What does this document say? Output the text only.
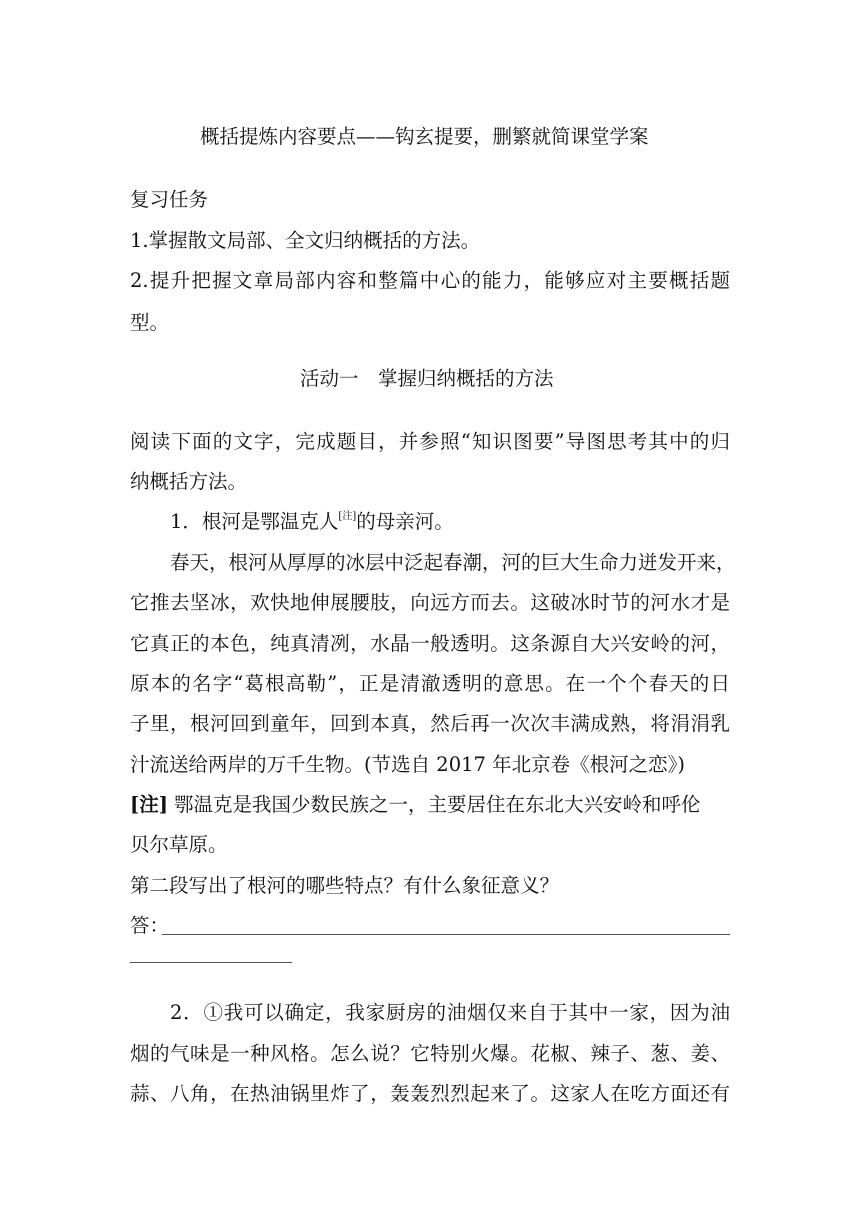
概括提炼内容要点——钩玄提要，删繁就简课堂学案
复习任务
1.掌握散文局部、全文归纳概括的方法。
2.提升把握文章局部内容和整篇中心的能力，能够应对主要概括题
型。
活动一　掌握归纳概括的方法
阅读下面的文字，完成题目，并参照“知识图要”导图思考其中的归
纳概括方法。
1．根河是鄂温克人[注]的母亲河。
春天，根河从厚厚的冰层中泛起春潮，河的巨大生命力迸发开来，
它推去坚冰，欢快地伸展腰肢，向远方而去。这破冰时节的河水才是
它真正的本色，纯真清冽，水晶一般透明。这条源自大兴安岭的河，
原本的名字“葛根高勒”，正是清澈透明的意思。在一个个春天的日
子里，根河回到童年，回到本真，然后再一次次丰满成熟，将涓涓乳
汁流送给两岸的万千生物。(节选自 2017 年北京卷《根河之恋》)
[注] 鄂温克是我国少数民族之一，主要居住在东北大兴安岭和呼伦
贝尔草原。
第二段写出了根河的哪些特点？有什么象征意义？
答：
2．①我可以确定，我家厨房的油烟仅来自于其中一家，因为油
烟的气味是一种风格。怎么说？它特别火爆。花椒、辣子、葱、姜、
蒜、八角，在热油锅里炸了，轰轰烈烈起来了。这家人在吃方面还有
